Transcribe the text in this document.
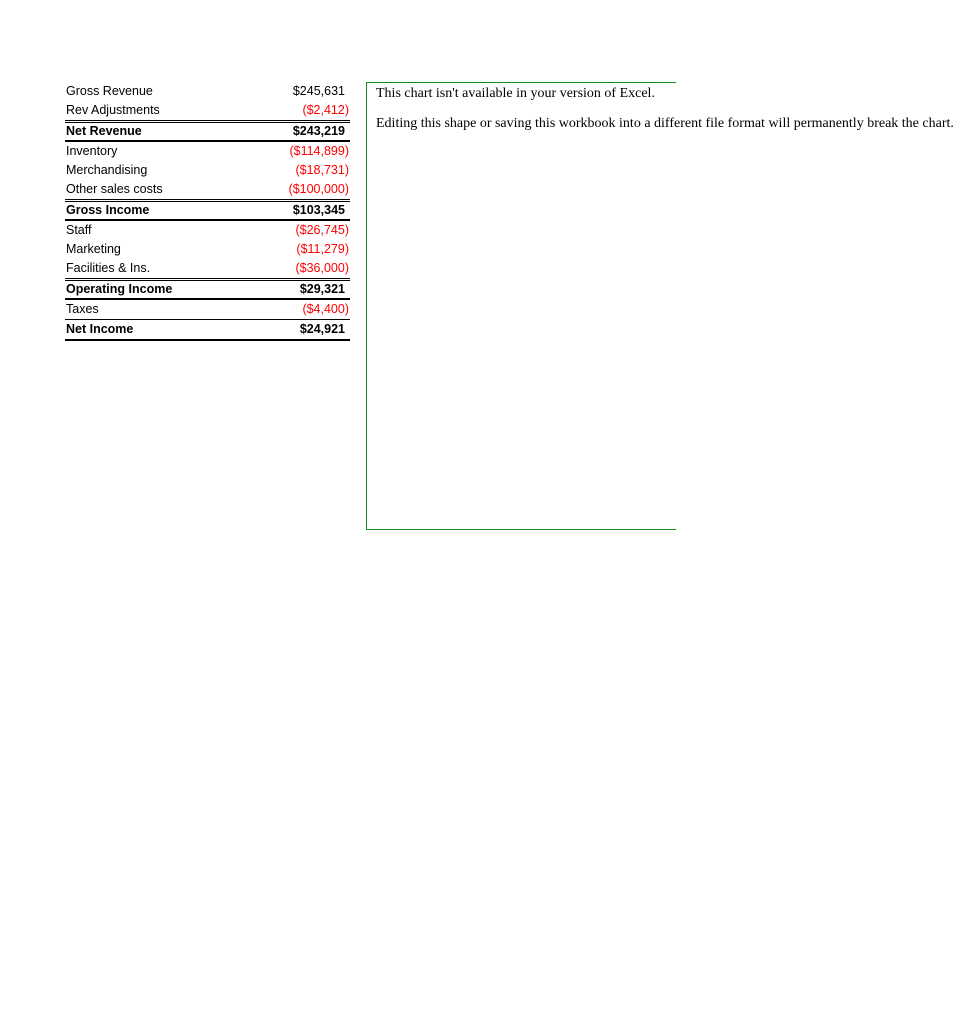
Gross Revenue	$245,631
Rev Adjustments	($2,412)
Net Revenue	$243,219
Inventory	($114,899)
Merchandising	($18,731)
Other sales costs	($100,000)
Gross Income	$103,345
Staff	($26,745)
Marketing	($11,279)
Facilities & Ins.	($36,000)
Operating Income	$29,321
Taxes	($4,400)
Net Income	$24,921

This chart isn't available in your version of Excel.

Editing this shape or saving this workbook into a different file format will permanently break the chart.
